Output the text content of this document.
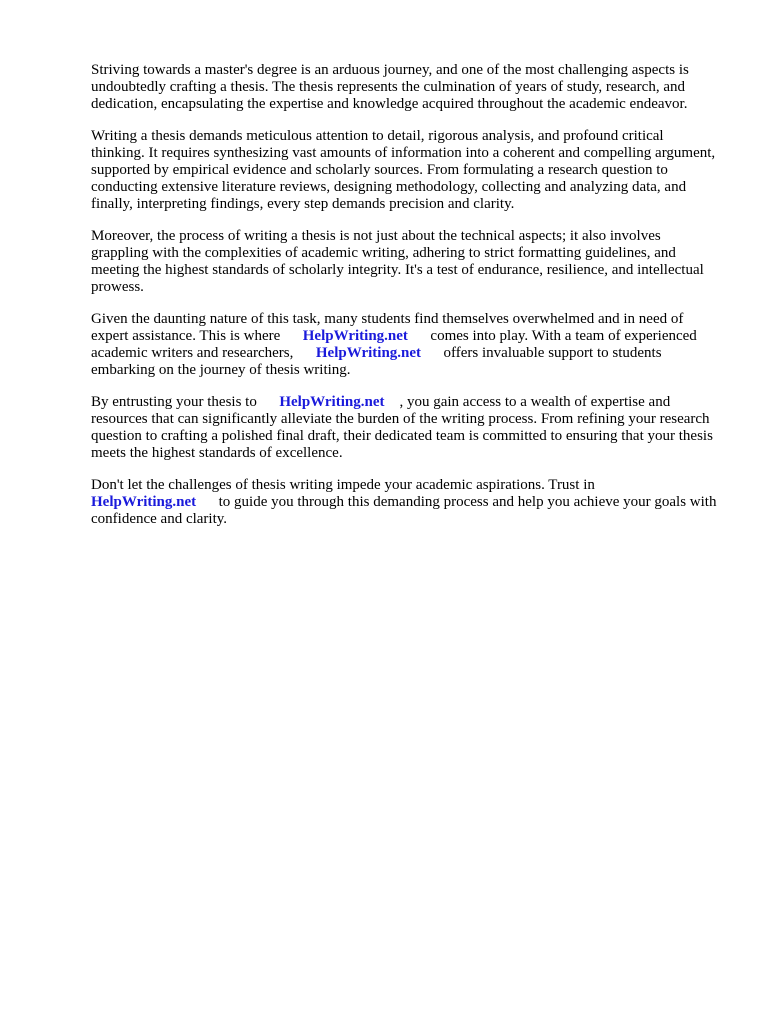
Striving towards a master's degree is an arduous journey, and one of the most challenging aspects is undoubtedly crafting a thesis. The thesis represents the culmination of years of study, research, and dedication, encapsulating the expertise and knowledge acquired throughout the academic endeavor.

Writing a thesis demands meticulous attention to detail, rigorous analysis, and profound critical thinking. It requires synthesizing vast amounts of information into a coherent and compelling argument, supported by empirical evidence and scholarly sources. From formulating a research question to conducting extensive literature reviews, designing methodology, collecting and analyzing data, and finally, interpreting findings, every step demands precision and clarity.

Moreover, the process of writing a thesis is not just about the technical aspects; it also involves grappling with the complexities of academic writing, adhering to strict formatting guidelines, and meeting the highest standards of scholarly integrity. It's a test of endurance, resilience, and intellectual prowess.

Given the daunting nature of this task, many students find themselves overwhelmed and in need of expert assistance. This is where HelpWriting.net comes into play. With a team of experienced academic writers and researchers, HelpWriting.net offers invaluable support to students embarking on the journey of thesis writing.

By entrusting your thesis to HelpWriting.net , you gain access to a wealth of expertise and resources that can significantly alleviate the burden of the writing process. From refining your research question to crafting a polished final draft, their dedicated team is committed to ensuring that your thesis meets the highest standards of excellence.

Don't let the challenges of thesis writing impede your academic aspirations. Trust in HelpWriting.net to guide you through this demanding process and help you achieve your goals with confidence and clarity.
